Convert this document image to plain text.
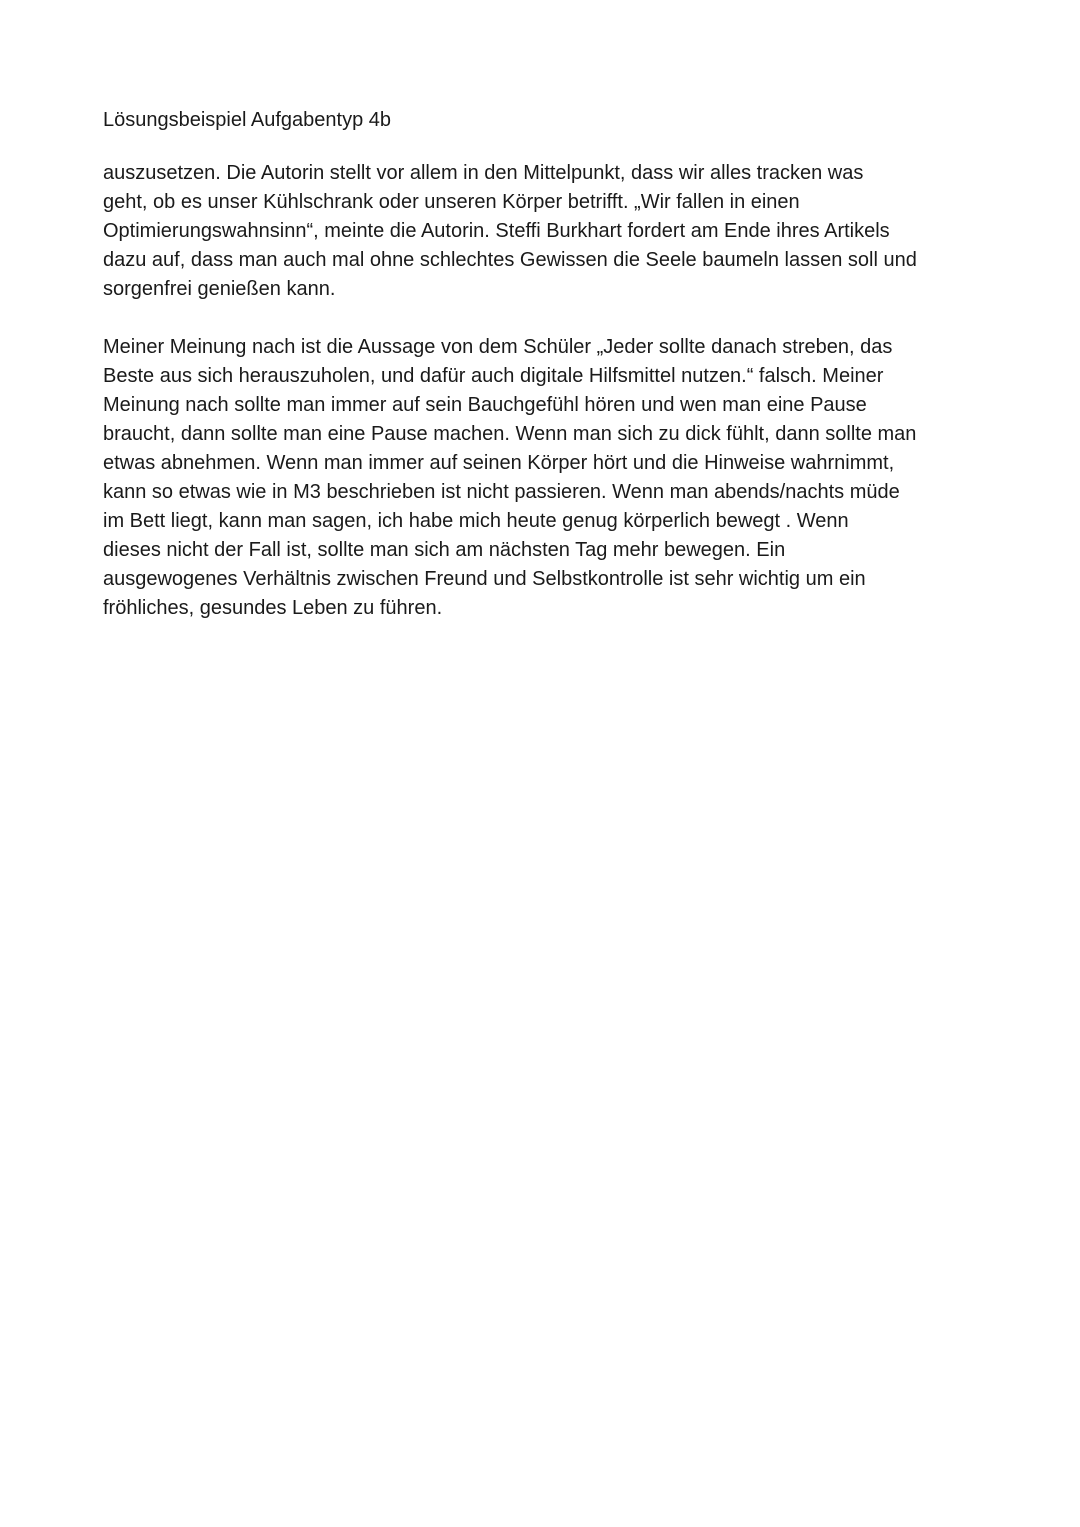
Lösungsbeispiel Aufgabentyp 4b
auszusetzen. Die Autorin stellt vor allem in den Mittelpunkt, dass wir alles tracken was
geht, ob es unser Kühlschrank oder unseren Körper betrifft. „Wir fallen in einen
Optimierungswahnsinn“, meinte die Autorin. Steffi Burkhart fordert am Ende ihres Artikels
dazu auf, dass man auch mal ohne schlechtes Gewissen die Seele baumeln lassen soll und
sorgenfrei genießen kann.
Meiner Meinung nach ist die Aussage von dem Schüler „Jeder sollte danach streben, das
Beste aus sich herauszuholen, und dafür auch digitale Hilfsmittel nutzen.“ falsch. Meiner
Meinung nach sollte man immer auf sein Bauchgefühl hören und wen man eine Pause
braucht, dann sollte man eine Pause machen. Wenn man sich zu dick fühlt, dann sollte man
etwas abnehmen. Wenn man immer auf seinen Körper hört und die Hinweise wahrnimmt,
kann so etwas wie in M3 beschrieben ist nicht passieren. Wenn man abends/nachts müde
im Bett liegt, kann man sagen, ich habe mich heute genug körperlich bewegt . Wenn
dieses nicht der Fall ist, sollte man sich am nächsten Tag mehr bewegen. Ein
ausgewogenes Verhältnis zwischen Freund und Selbstkontrolle ist sehr wichtig um ein
fröhliches, gesundes Leben zu führen.
